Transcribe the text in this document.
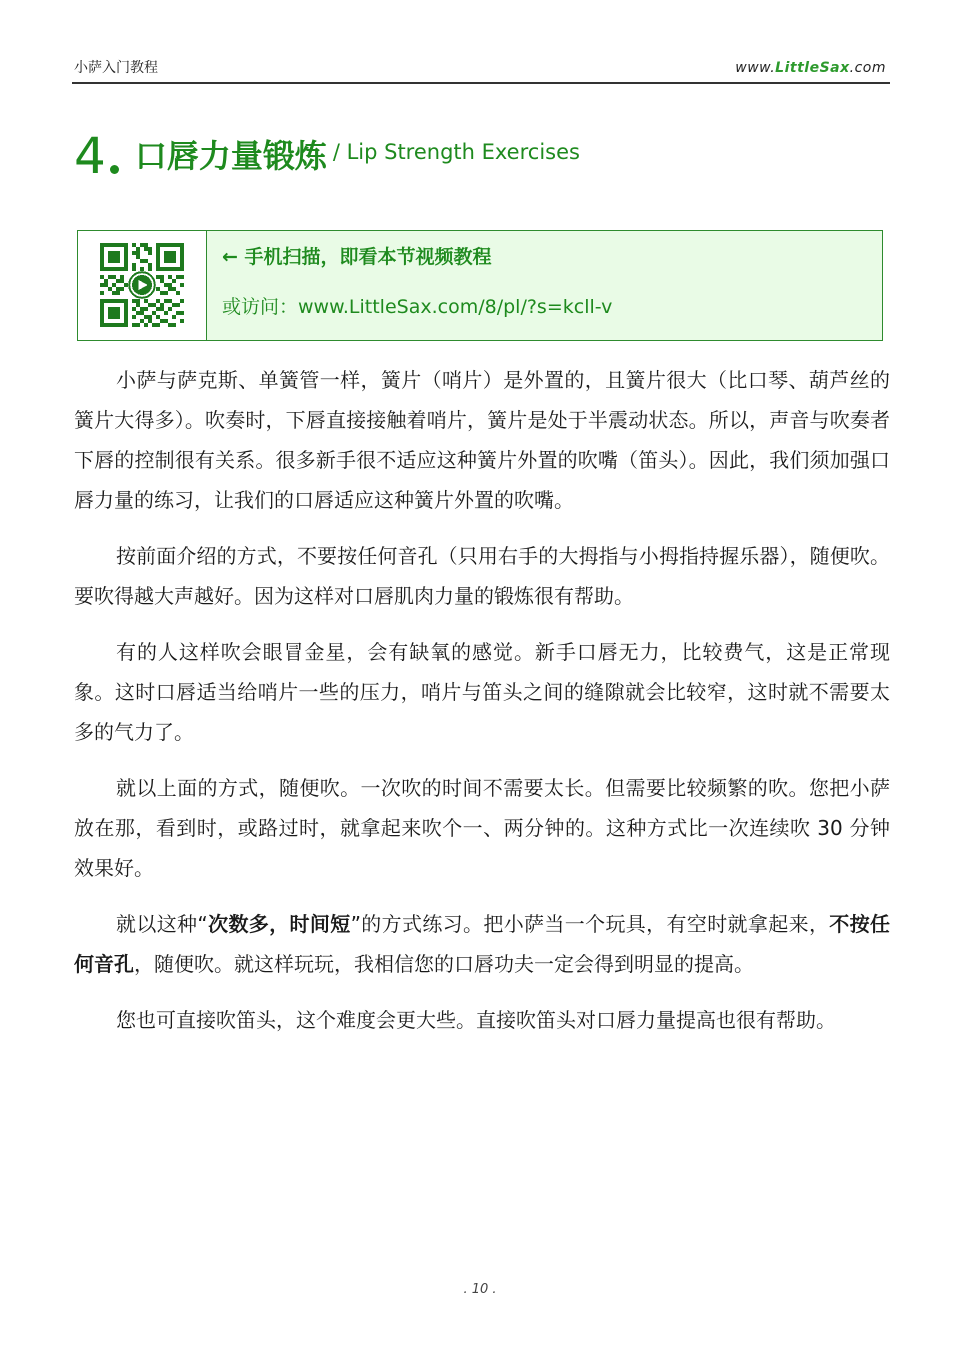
小萨入门教程	www.LittleSax.com
4 口唇力量锻炼 / Lip Strength Exercises
← 手机扫描，即看本节视频教程
或访问：www.LittleSax.com/8/pl/?s=kcll-v

小萨与萨克斯、单簧管一样，簧片（哨片）是外置的，且簧片很大（比口琴、葫芦丝的簧片大得多）。吹奏时，下唇直接接触着哨片，簧片是处于半震动状态。所以，声音与吹奏者下唇的控制很有关系。很多新手很不适应这种簧片外置的吹嘴（笛头）。因此，我们须加强口唇力量的练习，让我们的口唇适应这种簧片外置的吹嘴。

按前面介绍的方式，不要按任何音孔（只用右手的大拇指与小拇指持握乐器），随便吹。要吹得越大声越好。因为这样对口唇肌肉力量的锻炼很有帮助。

有的人这样吹会眼冒金星，会有缺氧的感觉。新手口唇无力，比较费气，这是正常现象。这时口唇适当给哨片一些的压力，哨片与笛头之间的缝隙就会比较窄，这时就不需要太多的气力了。

就以上面的方式，随便吹。一次吹的时间不需要太长。但需要比较频繁的吹。您把小萨放在那，看到时，或路过时，就拿起来吹个一、两分钟的。这种方式比一次连续吹 30 分钟效果好。

就以这种“次数多，时间短”的方式练习。把小萨当一个玩具，有空时就拿起来，不按任何音孔，随便吹。就这样玩玩，我相信您的口唇功夫一定会得到明显的提高。

您也可直接吹笛头，这个难度会更大些。直接吹笛头对口唇力量提高也很有帮助。

. 10 .
